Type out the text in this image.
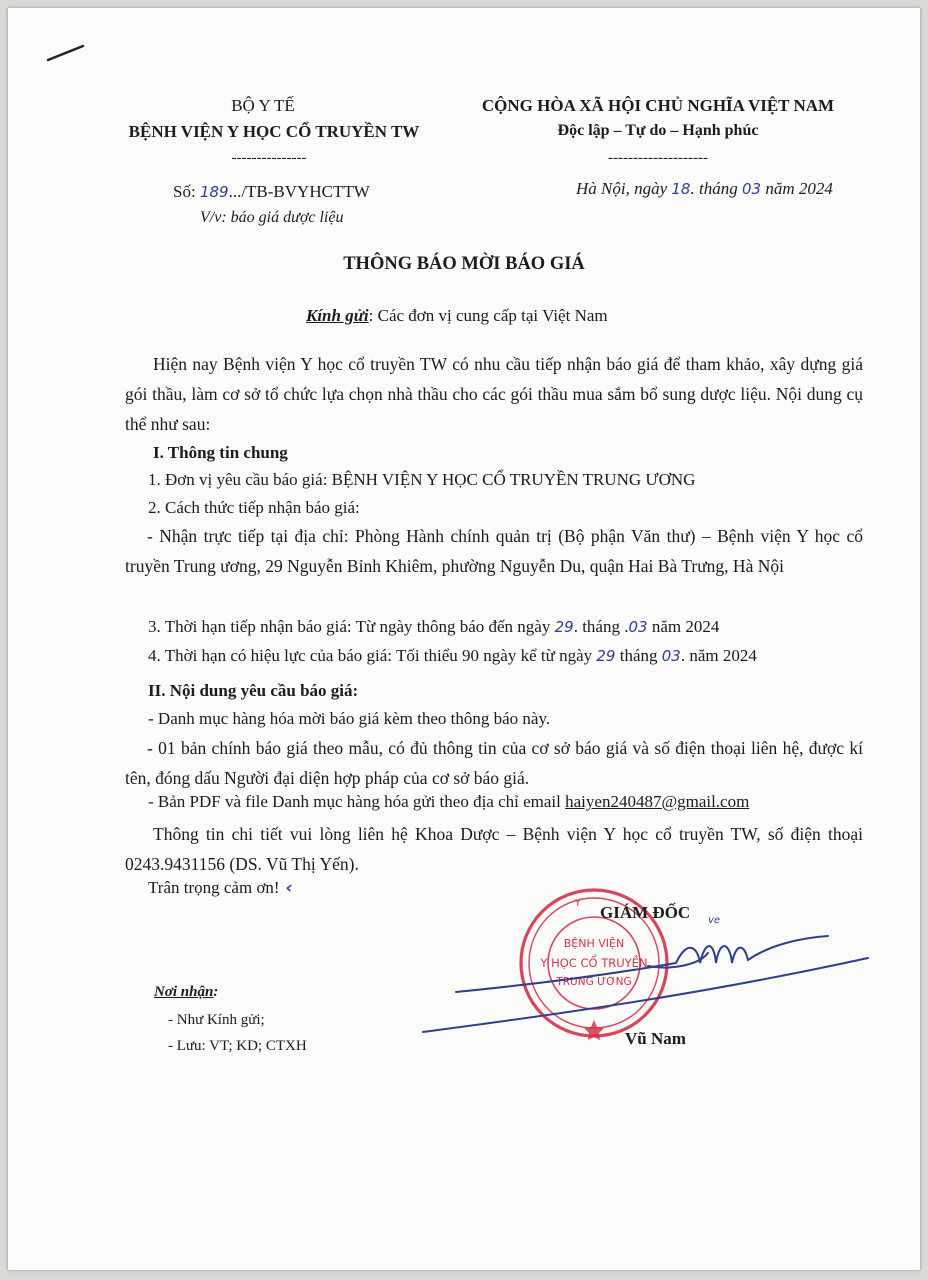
BỘ Y TẾ
BỆNH VIỆN Y HỌC CỔ TRUYỀN TW
---------------
Số: 189.../TB-BVYHCTTW
V/v: báo giá dược liệu
CỘNG HÒA XÃ HỘI CHỦ NGHĨA VIỆT NAM
Độc lập – Tự do – Hạnh phúc
--------------------
Hà Nội, ngày 18. tháng 03 năm 2024
THÔNG BÁO MỜI BÁO GIÁ
Kính gửi: Các đơn vị cung cấp tại Việt Nam
Hiện nay Bệnh viện Y học cổ truyền TW có nhu cầu tiếp nhận báo giá để tham khảo, xây dựng giá gói thầu, làm cơ sở tổ chức lựa chọn nhà thầu cho các gói thầu mua sắm bổ sung dược liệu. Nội dung cụ thể như sau:
I. Thông tin chung
1. Đơn vị yêu cầu báo giá: BỆNH VIỆN Y HỌC CỔ TRUYỀN TRUNG ƯƠNG
2. Cách thức tiếp nhận báo giá:
- Nhận trực tiếp tại địa chỉ: Phòng Hành chính quản trị (Bộ phận Văn thư) – Bệnh viện Y học cổ truyền Trung ương, 29 Nguyễn Bỉnh Khiêm, phường Nguyễn Du, quận Hai Bà Trưng, Hà Nội
3. Thời hạn tiếp nhận báo giá: Từ ngày thông báo đến ngày 29. tháng .03 năm 2024
4. Thời hạn có hiệu lực của báo giá: Tối thiểu 90 ngày kể từ ngày 29 tháng 03. năm 2024
II. Nội dung yêu cầu báo giá:
- Danh mục hàng hóa mời báo giá kèm theo thông báo này.
- 01 bản chính báo giá theo mẫu, có đủ thông tin của cơ sở báo giá và số điện thoại liên hệ, được kí tên, đóng dấu Người đại diện hợp pháp của cơ sở báo giá.
- Bản PDF và file Danh mục hàng hóa gửi theo địa chỉ email haiyen240487@gmail.com
Thông tin chi tiết vui lòng liên hệ Khoa Dược – Bệnh viện Y học cổ truyền TW, số điện thoại 0243.9431156 (DS. Vũ Thị Yến).
Trân trọng cảm ơn! ‹
Nơi nhận:
- Như Kính gửi;
- Lưu: VT; KD; CTXH
Y
BỆNH VIỆN
Y HỌC CỔ TRUYỀN
TRUNG ƯƠNG
GIÁM ĐỐC
Vũ Nam
ve
